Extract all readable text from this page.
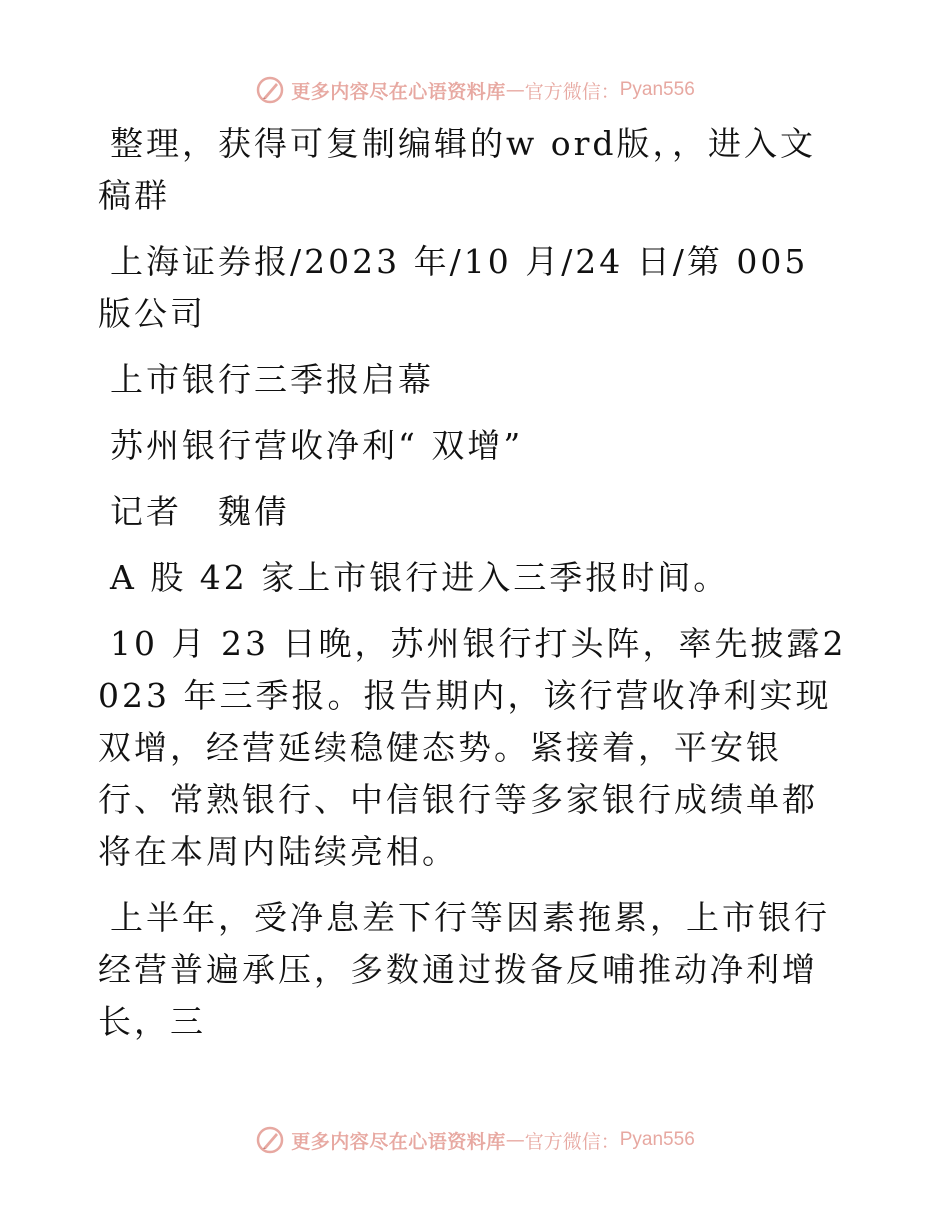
更多内容尽在心语资料库 — 官方微信： Pyan556

整理，获得可复制编辑的w ord版，，进入文稿群

上海证券报/2023 年/10 月/24 日/第 005 版公司

上市银行三季报启幕

苏州银行营收净利“ 双增”

记者　魏倩

A 股 42 家上市银行进入三季报时间。

10 月 23 日晚，苏州银行打头阵，率先披露2023 年三季报。报告期内，该行营收净利实现双增，经营延续稳健态势。紧接着，平安银行、常熟银行、中信银行等多家银行成绩单都将在本周内陆续亮相。

上半年，受净息差下行等因素拖累，上市银行经营普遍承压，多数通过拨备反哺推动净利增长，三

更多内容尽在心语资料库 — 官方微信： Pyan556
